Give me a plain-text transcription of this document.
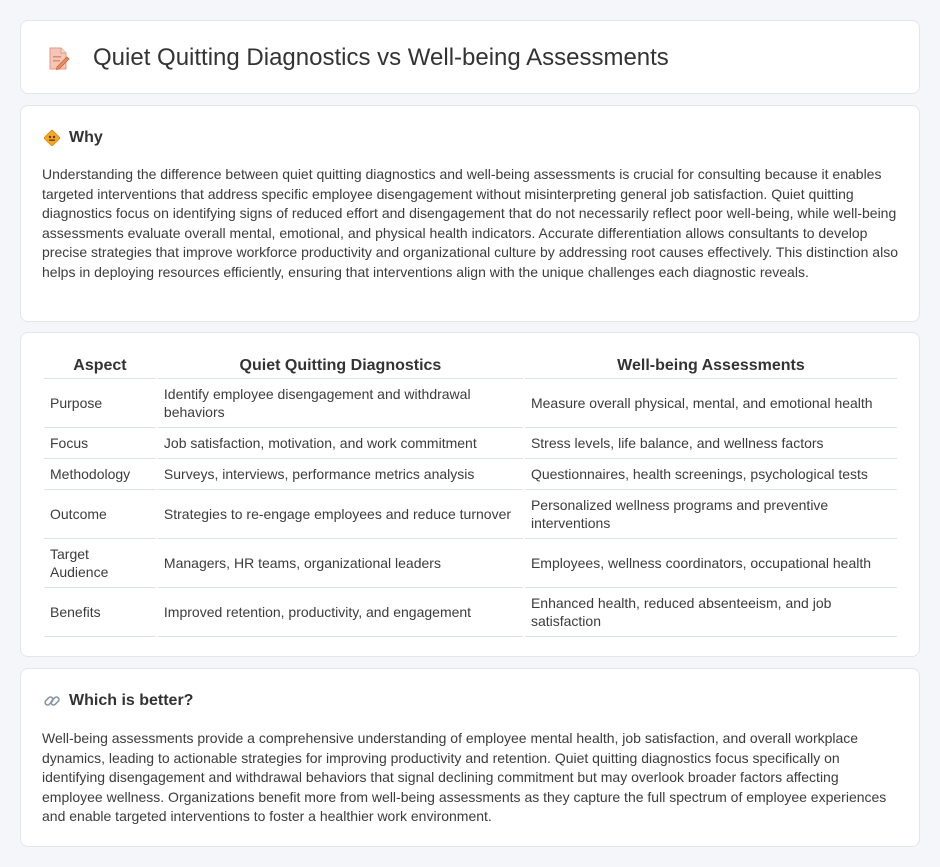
Quiet Quitting Diagnostics vs Well-being Assessments
Why

Understanding the difference between quiet quitting diagnostics and well-being assessments is crucial for consulting because it enables targeted interventions that address specific employee disengagement without misinterpreting general job satisfaction. Quiet quitting diagnostics focus on identifying signs of reduced effort and disengagement that do not necessarily reflect poor well-being, while well-being assessments evaluate overall mental, emotional, and physical health indicators. Accurate differentiation allows consultants to develop precise strategies that improve workforce productivity and organizational culture by addressing root causes effectively. This distinction also helps in deploying resources efficiently, ensuring that interventions align with the unique challenges each diagnostic reveals.

Aspect	Quiet Quitting Diagnostics	Well-being Assessments
Purpose	Identify employee disengagement and withdrawal behaviors	Measure overall physical, mental, and emotional health
Focus	Job satisfaction, motivation, and work commitment	Stress levels, life balance, and wellness factors
Methodology	Surveys, interviews, performance metrics analysis	Questionnaires, health screenings, psychological tests
Outcome	Strategies to re-engage employees and reduce turnover	Personalized wellness programs and preventive interventions
Target Audience	Managers, HR teams, organizational leaders	Employees, wellness coordinators, occupational health
Benefits	Improved retention, productivity, and engagement	Enhanced health, reduced absenteeism, and job satisfaction
Which is better?

Well-being assessments provide a comprehensive understanding of employee mental health, job satisfaction, and overall workplace dynamics, leading to actionable strategies for improving productivity and retention. Quiet quitting diagnostics focus specifically on identifying disengagement and withdrawal behaviors that signal declining commitment but may overlook broader factors affecting employee wellness. Organizations benefit more from well-being assessments as they capture the full spectrum of employee experiences and enable targeted interventions to foster a healthier work environment.
